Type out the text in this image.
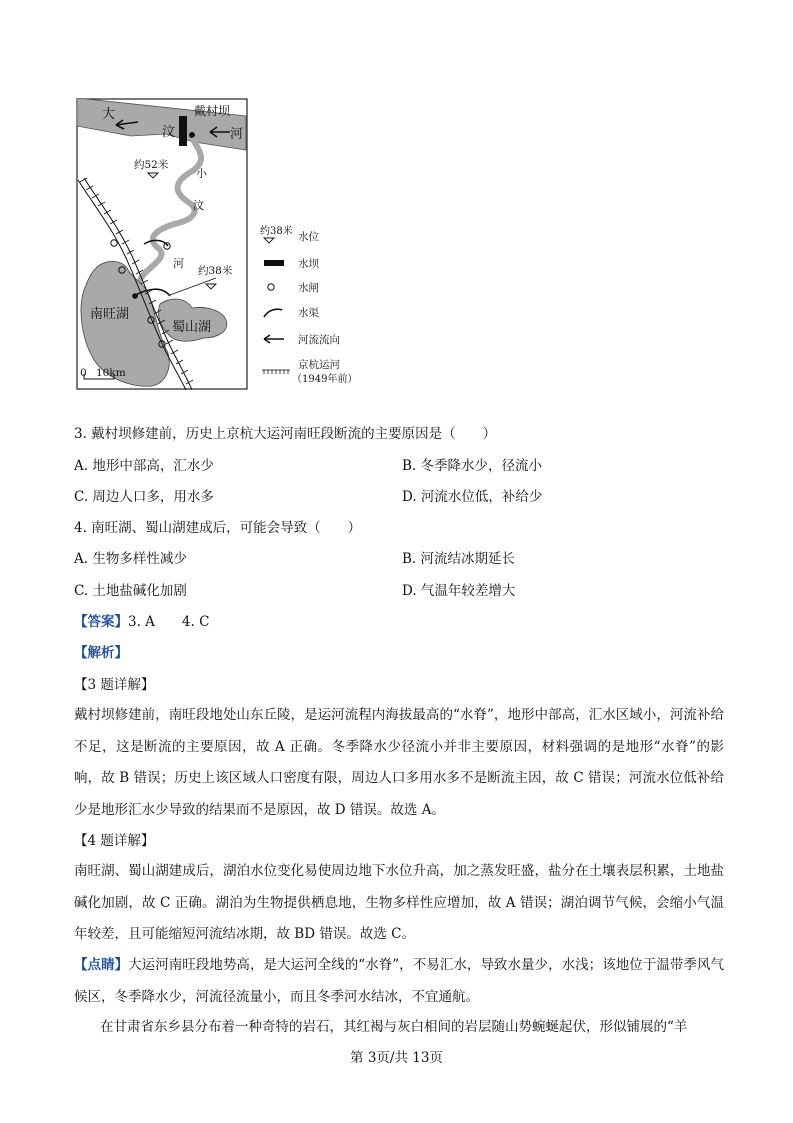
大	戴村坝
汶	河
约52米
小
汶
河
约38米
南旺湖
蜀山湖
0 10km
约38米 水位
水坝
水闸
水渠
河流流向
京杭运河
（1949年前）
3. 戴村坝修建前，历史上京杭大运河南旺段断流的主要原因是（　　）
A. 地形中部高，汇水少	B. 冬季降水少，径流小
C. 周边人口多，用水多	D. 河流水位低，补给少
4. 南旺湖、蜀山湖建成后，可能会导致（　　）
A. 生物多样性减少	B. 河流结冰期延长
C. 土地盐碱化加剧	D. 气温年较差增大
【答案】3. A　　4. C
【解析】
【3 题详解】
戴村坝修建前，南旺段地处山东丘陵，是运河流程内海拔最高的“水脊”，地形中部高，汇水区域小，河流补给不足，这是断流的主要原因，故 A 正确。冬季降水少径流小并非主要原因，材料强调的是地形“水脊”的影响，故 B 错误；历史上该区域人口密度有限，周边人口多用水多不是断流主因，故 C 错误；河流水位低补给少是地形汇水少导致的结果而不是原因，故 D 错误。故选 A。
【4 题详解】
南旺湖、蜀山湖建成后，湖泊水位变化易使周边地下水位升高，加之蒸发旺盛，盐分在土壤表层积累，土地盐碱化加剧，故 C 正确。湖泊为生物提供栖息地，生物多样性应增加，故 A 错误；湖泊调节气候，会缩小气温年较差，且可能缩短河流结冰期，故 BD 错误。故选 C。
【点睛】大运河南旺段地势高，是大运河全线的“水脊”，不易汇水，导致水量少，水浅；该地位于温带季风气候区，冬季降水少，河流径流量小，而且冬季河水结冰，不宜通航。
在甘肃省东乡县分布着一种奇特的岩石，其红褐与灰白相间的岩层随山势蜿蜒起伏，形似铺展的“羊
第 3页/共 13页
